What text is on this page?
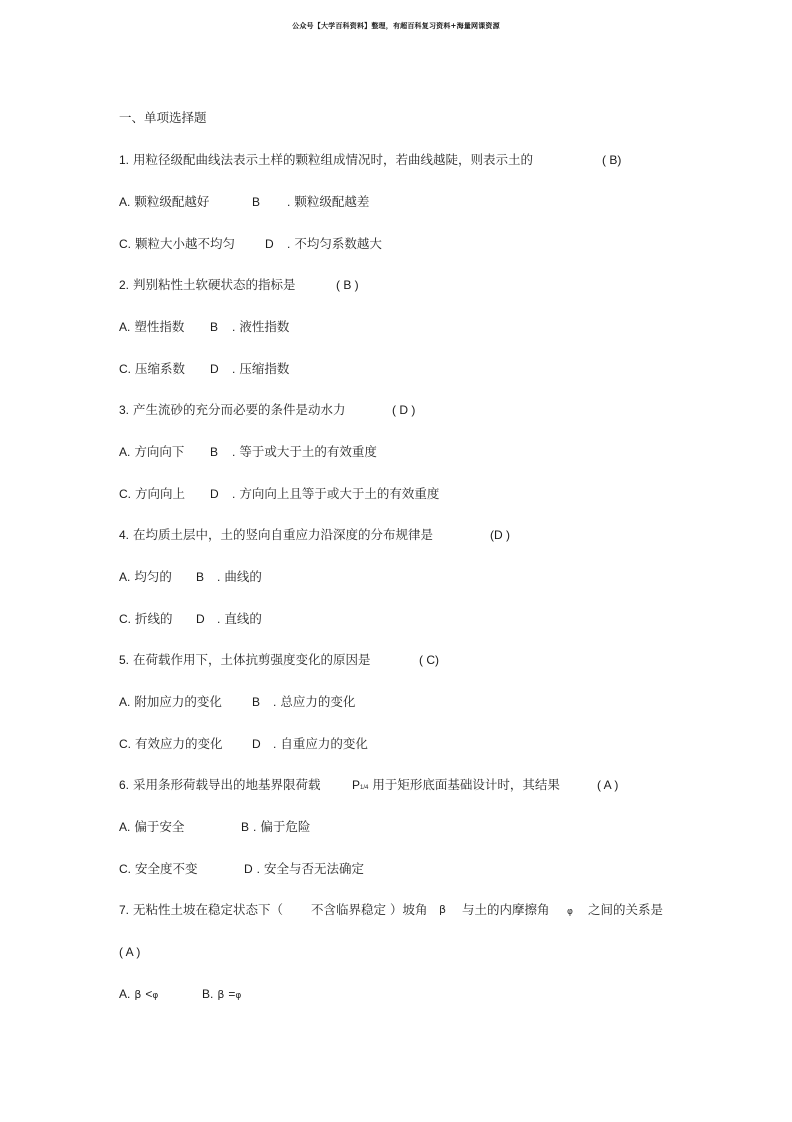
公众号【大学百科资料】整理，有超百科复习资料+海量网课资源
一、单项选择题
1. 用粒径级配曲线法表示土样的颗粒组成情况时，若曲线越陡，则表示土的	( B)
A. 颗粒级配越好	B . 颗粒级配越差
C. 颗粒大小越不均匀	D . 不均匀系数越大
2. 判别粘性土软硬状态的指标是	( B )
A. 塑性指数 B . 液性指数
C. 压缩系数 D . 压缩指数
3. 产生流砂的充分而必要的条件是动水力	( D )
A. 方向向下 B . 等于或大于土的有效重度
C. 方向向上 D . 方向向上且等于或大于土的有效重度
4. 在均质土层中，土的竖向自重应力沿深度的分布规律是	(D )
A. 均匀的 B . 曲线的
C. 折线的 D . 直线的
5. 在荷载作用下，土体抗剪强度变化的原因是	( C)
A. 附加应力的变化	B . 总应力的变化
C. 有效应力的变化 D . 自重应力的变化
6. 采用条形荷载导出的地基界限荷载	P1/4 用于矩形底面基础设计时，其结果	( A )
A. 偏于安全	B . 偏于危险
C. 安全度不变	D . 安全与否无法确定
7. 无粘性土坡在稳定状态下（ 不含临界稳定 ）坡角 β 与土的内摩擦角 φ 之间的关系是
( A )
A. β <φ	B. β =φ
